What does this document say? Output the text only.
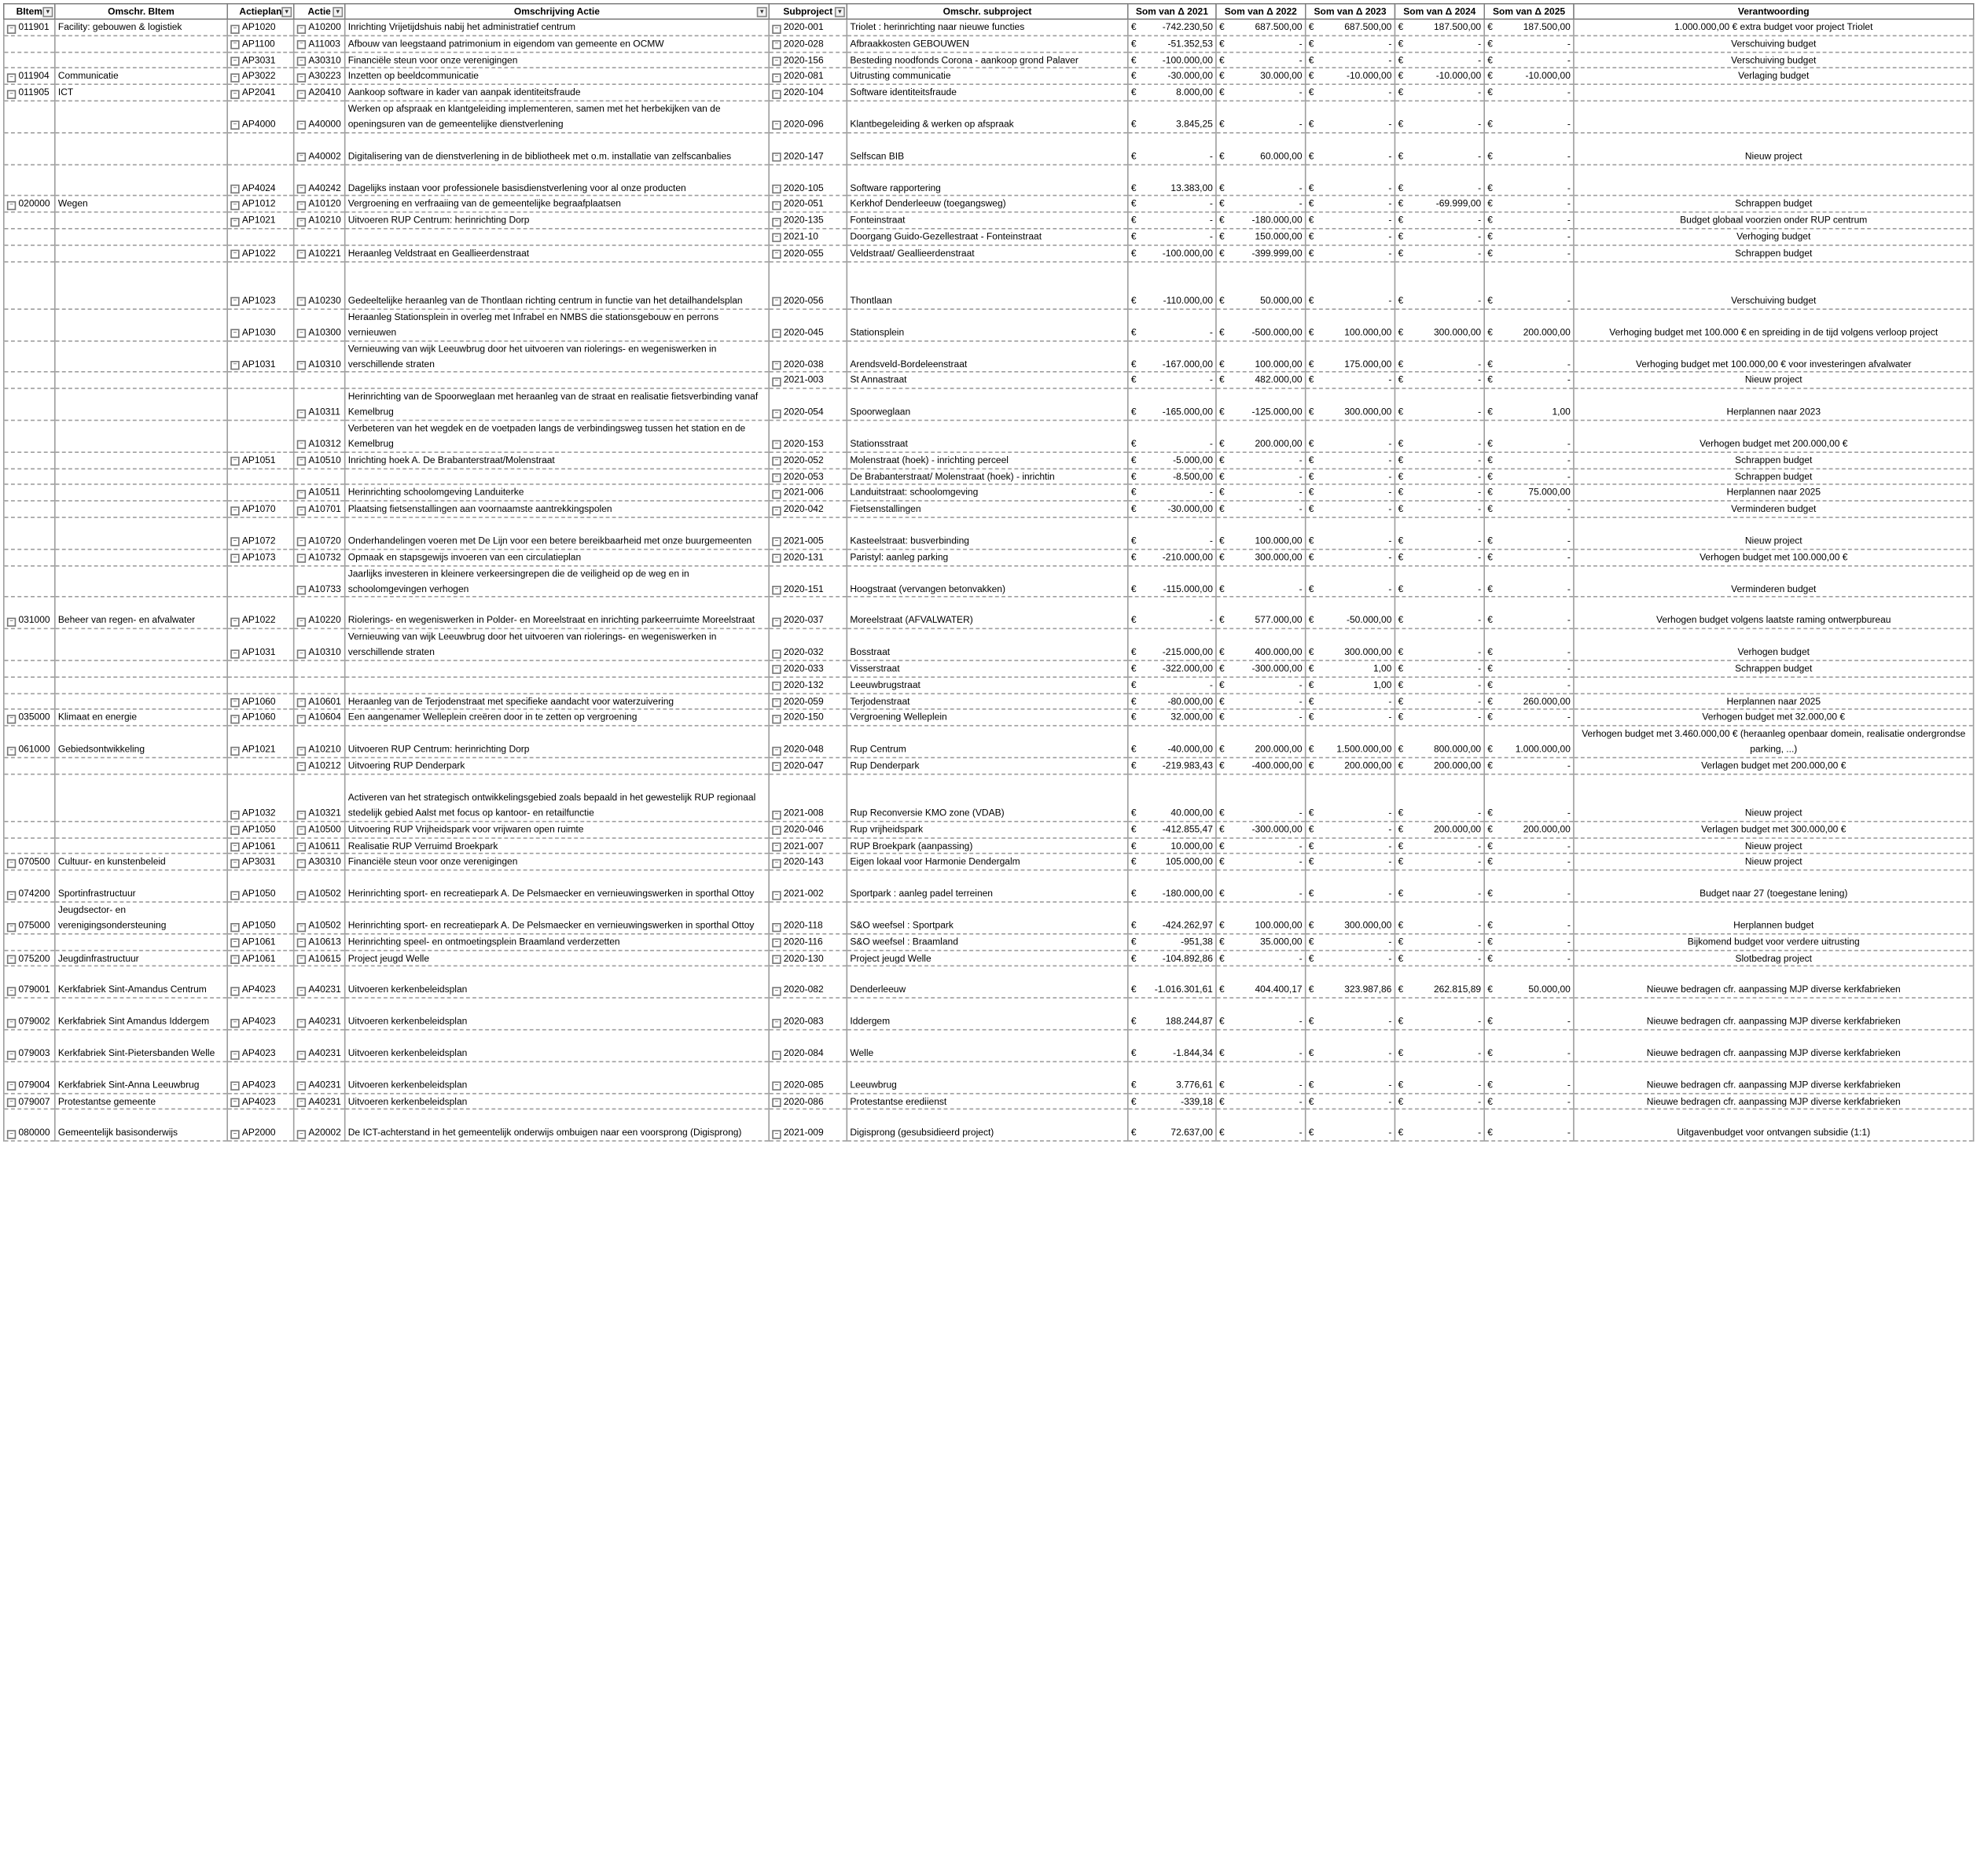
BItem ▾	Omschr. BItem	Actieplan ▾	Actie ▾	Omschrijving Actie ▾	Subproject ▾	Omschr. subproject	Som van Δ 2021	Som van Δ 2022	Som van Δ 2023	Som van Δ 2024	Som van Δ 2025	Verantwoording
− 011901	Facility: gebouwen & logistiek	− AP1020	− A10200	Inrichting Vrijetijdshuis nabij het administratief centrum	− 2020-001	Triolet : herinrichting naar nieuwe functies	€ -742.230,50	€ 687.500,00	€ 687.500,00	€ 187.500,00	€ 187.500,00	1.000.000,00 € extra budget voor project Triolet
		− AP1100	− A11003	Afbouw van leegstaand patrimonium in eigendom van gemeente en OCMW	− 2020-028	Afbraakkosten GEBOUWEN	€ -51.352,53	€ -	€ -	€ -	€ -	Verschuiving budget
		− AP3031	− A30310	Financiële steun voor onze verenigingen	− 2020-156	Besteding noodfonds Corona - aankoop grond Palaver	€ -100.000,00	€ -	€ -	€ -	€ -	Verschuiving budget
− 011904	Communicatie	− AP3022	− A30223	Inzetten op beeldcommunicatie	− 2020-081	Uitrusting communicatie	€ -30.000,00	€ 30.000,00	€ -10.000,00	€ -10.000,00	€ -10.000,00	Verlaging budget
− 011905	ICT	− AP2041	− A20410	Aankoop software in kader van aanpak identiteitsfraude	− 2020-104	Software identiteitsfraude	€ 8.000,00	€ -	€ -	€ -	€ -	
		− AP4000	− A40000	Werken op afspraak en klantgeleiding implementeren, samen met het herbekijken van de openingsuren van de gemeentelijke dienstverlening	− 2020-096	Klantbegeleiding & werken op afspraak	€ 3.845,25	€ -	€ -	€ -	€ -	
			− A40002	Digitalisering van de dienstverlening in de bibliotheek met o.m. installatie van zelfscanbalies	− 2020-147	Selfscan BIB	€ -	€ 60.000,00	€ -	€ -	€ -	Nieuw project
		− AP4024	− A40242	Dagelijks instaan voor professionele basisdienstverlening voor al onze producten	− 2020-105	Software rapportering	€ 13.383,00	€ -	€ -	€ -	€ -	
− 020000	Wegen	− AP1012	− A10120	Vergroening en verfraaiing van de gemeentelijke begraafplaatsen	− 2020-051	Kerkhof Denderleeuw (toegangsweg)	€ -	€ -	€ -	€ -69.999,00	€ -	Schrappen budget
		− AP1021	− A10210	Uitvoeren RUP Centrum: herinrichting Dorp	− 2020-135	Fonteinstraat	€ -	€ -180.000,00	€ -	€ -	€ -	Budget globaal voorzien onder RUP centrum
					− 2021-10	Doorgang Guido-Gezellestraat - Fonteinstraat	€ -	€ 150.000,00	€ -	€ -	€ -	Verhoging budget
		− AP1022	− A10221	Heraanleg Veldstraat en Geallieerdenstraat	− 2020-055	Veldstraat/ Geallieerdenstraat	€ -100.000,00	€ -399.999,00	€ -	€ -	€ -	Schrappen budget
		− AP1023	− A10230	Gedeeltelijke heraanleg van de Thontlaan richting centrum in functie van het detailhandelsplan	− 2020-056	Thontlaan	€ -110.000,00	€ 50.000,00	€ -	€ -	€ -	Verschuiving budget
		− AP1030	− A10300	Heraanleg Stationsplein in overleg met Infrabel en NMBS die stationsgebouw en perrons vernieuwen	− 2020-045	Stationsplein	€ -	€ -500.000,00	€ 100.000,00	€ 300.000,00	€ 200.000,00	Verhoging budget met 100.000 € en spreiding in de tijd volgens verloop project
		− AP1031	− A10310	Vernieuwing van wijk Leeuwbrug door het uitvoeren van riolerings- en wegeniswerken in verschillende straten	− 2020-038	Arendsveld-Bordeleenstraat	€ -167.000,00	€ 100.000,00	€ 175.000,00	€ -	€ -	Verhoging budget met 100.000,00 € voor investeringen afvalwater
					− 2021-003	St Annastraat	€ -	€ 482.000,00	€ -	€ -	€ -	Nieuw project
			− A10311	Herinrichting van de Spoorweglaan met heraanleg van de straat en realisatie fietsverbinding vanaf Kemelbrug	− 2020-054	Spoorweglaan	€ -165.000,00	€ -125.000,00	€ 300.000,00	€ -	€ 1,00	Herplannen naar 2023
			− A10312	Verbeteren van het wegdek en de voetpaden langs de verbindingsweg tussen het station en de Kemelbrug	− 2020-153	Stationsstraat	€ -	€ 200.000,00	€ -	€ -	€ -	Verhogen budget met 200.000,00 €
		− AP1051	− A10510	Inrichting hoek A. De Brabanterstraat/Molenstraat	− 2020-052	Molenstraat (hoek) - inrichting perceel	€ -5.000,00	€ -	€ -	€ -	€ -	Schrappen budget
					− 2020-053	De Brabanterstraat/ Molenstraat (hoek) - inrichtin	€ -8.500,00	€ -	€ -	€ -	€ -	Schrappen budget
			− A10511	Herinrichting schoolomgeving Landuiterke	− 2021-006	Landuitstraat: schoolomgeving	€ -	€ -	€ -	€ -	€ 75.000,00	Herplannen naar 2025
		− AP1070	− A10701	Plaatsing fietsenstallingen aan voornaamste aantrekkingspolen	− 2020-042	Fietsenstallingen	€ -30.000,00	€ -	€ -	€ -	€ -	Verminderen budget
		− AP1072	− A10720	Onderhandelingen voeren met De Lijn voor een betere bereikbaarheid met onze buurgemeenten	− 2021-005	Kasteelstraat: busverbinding	€ -	€ 100.000,00	€ -	€ -	€ -	Nieuw project
		− AP1073	− A10732	Opmaak en stapsgewijs invoeren van een circulatieplan	− 2020-131	Paristyl: aanleg parking	€ -210.000,00	€ 300.000,00	€ -	€ -	€ -	Verhogen budget met 100.000,00 €
			− A10733	Jaarlijks investeren in kleinere verkeersingrepen die de veiligheid op de weg en in schoolomgevingen verhogen	− 2020-151	Hoogstraat (vervangen betonvakken)	€ -115.000,00	€ -	€ -	€ -	€ -	Verminderen budget
− 031000	Beheer van regen- en afvalwater	− AP1022	− A10220	Riolerings- en wegeniswerken in Polder- en Moreelstraat en inrichting parkeerruimte Moreelstraat	− 2020-037	Moreelstraat (AFVALWATER)	€ -	€ 577.000,00	€ -50.000,00	€ -	€ -	Verhogen budget volgens laatste raming ontwerpbureau
		− AP1031	− A10310	Vernieuwing van wijk Leeuwbrug door het uitvoeren van riolerings- en wegeniswerken in verschillende straten	− 2020-032	Bosstraat	€ -215.000,00	€ 400.000,00	€ 300.000,00	€ -	€ -	Verhogen budget
					− 2020-033	Visserstraat	€ -322.000,00	€ -300.000,00	€ 1,00	€ -	€ -	Schrappen budget
					− 2020-132	Leeuwbrugstraat	€ -	€ -	€ 1,00	€ -	€ -	
		− AP1060	− A10601	Heraanleg van de Terjodenstraat met specifieke aandacht voor waterzuivering	− 2020-059	Terjodenstraat	€ -80.000,00	€ -	€ -	€ -	€ 260.000,00	Herplannen naar 2025
− 035000	Klimaat en energie	− AP1060	− A10604	Een aangenamer Welleplein creëren door in te zetten op vergroening	− 2020-150	Vergroening Welleplein	€ 32.000,00	€ -	€ -	€ -	€ -	Verhogen budget met 32.000,00 €
− 061000	Gebiedsontwikkeling	− AP1021	− A10210	Uitvoeren RUP Centrum: herinrichting Dorp	− 2020-048	Rup Centrum	€ -40.000,00	€ 200.000,00	€ 1.500.000,00	€ 800.000,00	€ 1.000.000,00	Verhogen budget met 3.460.000,00 € (heraanleg openbaar domein, realisatie ondergrondse parking, ...)
			− A10212	Uitvoering RUP Denderpark	− 2020-047	Rup Denderpark	€ -219.983,43	€ -400.000,00	€ 200.000,00	€ 200.000,00	€ -	Verlagen budget met 200.000,00 €
		− AP1032	− A10321	Activeren van het strategisch ontwikkelingsgebied zoals bepaald in het gewestelijk RUP regionaal stedelijk gebied Aalst met focus op kantoor- en retailfunctie	− 2021-008	Rup Reconversie KMO zone (VDAB)	€ 40.000,00	€ -	€ -	€ -	€ -	Nieuw project
		− AP1050	− A10500	Uitvoering RUP Vrijheidspark voor vrijwaren open ruimte	− 2020-046	Rup vrijheidspark	€ -412.855,47	€ -300.000,00	€ -	€ 200.000,00	€ 200.000,00	Verlagen budget met 300.000,00 €
		− AP1061	− A10611	Realisatie RUP Verruimd Broekpark	− 2021-007	RUP Broekpark (aanpassing)	€ 10.000,00	€ -	€ -	€ -	€ -	Nieuw project
− 070500	Cultuur- en kunstenbeleid	− AP3031	− A30310	Financiële steun voor onze verenigingen	− 2020-143	Eigen lokaal voor Harmonie Dendergalm	€ 105.000,00	€ -	€ -	€ -	€ -	Nieuw project
− 074200	Sportinfrastructuur	− AP1050	− A10502	Herinrichting sport- en recreatiepark A. De Pelsmaecker en vernieuwingswerken in sporthal Ottoy	− 2021-002	Sportpark : aanleg padel terreinen	€ -180.000,00	€ -	€ -	€ -	€ -	Budget naar 27 (toegestane lening)
− 075000	Jeugdsector- en verenigingsondersteuning	− AP1050	− A10502	Herinrichting sport- en recreatiepark A. De Pelsmaecker en vernieuwingswerken in sporthal Ottoy	− 2020-118	S&O weefsel : Sportpark	€ -424.262,97	€ 100.000,00	€ 300.000,00	€ -	€ -	Herplannen budget
		− AP1061	− A10613	Herinrichting speel- en ontmoetingsplein Braamland verderzetten	− 2020-116	S&O weefsel : Braamland	€ -951,38	€ 35.000,00	€ -	€ -	€ -	Bijkomend budget voor verdere uitrusting
− 075200	Jeugdinfrastructuur	− AP1061	− A10615	Project jeugd Welle	− 2020-130	Project jeugd Welle	€ -104.892,86	€ -	€ -	€ -	€ -	Slotbedrag project
− 079001	Kerkfabriek Sint-Amandus Centrum	− AP4023	− A40231	Uitvoeren kerkenbeleidsplan	− 2020-082	Denderleeuw	€ -1.016.301,61	€ 404.400,17	€ 323.987,86	€ 262.815,89	€ 50.000,00	Nieuwe bedragen cfr. aanpassing MJP diverse kerkfabrieken
− 079002	Kerkfabriek Sint Amandus Iddergem	− AP4023	− A40231	Uitvoeren kerkenbeleidsplan	− 2020-083	Iddergem	€ 188.244,87	€ -	€ -	€ -	€ -	Nieuwe bedragen cfr. aanpassing MJP diverse kerkfabrieken
− 079003	Kerkfabriek Sint-Pietersbanden Welle	− AP4023	− A40231	Uitvoeren kerkenbeleidsplan	− 2020-084	Welle	€ -1.844,34	€ -	€ -	€ -	€ -	Nieuwe bedragen cfr. aanpassing MJP diverse kerkfabrieken
− 079004	Kerkfabriek Sint-Anna Leeuwbrug	− AP4023	− A40231	Uitvoeren kerkenbeleidsplan	− 2020-085	Leeuwbrug	€ 3.776,61	€ -	€ -	€ -	€ -	Nieuwe bedragen cfr. aanpassing MJP diverse kerkfabrieken
− 079007	Protestantse gemeente	− AP4023	− A40231	Uitvoeren kerkenbeleidsplan	− 2020-086	Protestantse erediienst	€ -339,18	€ -	€ -	€ -	€ -	Nieuwe bedragen cfr. aanpassing MJP diverse kerkfabrieken
− 080000	Gemeentelijk basisonderwijs	− AP2000	− A20002	De ICT-achterstand in het gemeentelijk onderwijs ombuigen naar een voorsprong (Digisprong)	− 2021-009	Digisprong (gesubsidieerd project)	€ 72.637,00	€ -	€ -	€ -	€ -	Uitgavenbudget voor ontvangen subsidie (1:1)
